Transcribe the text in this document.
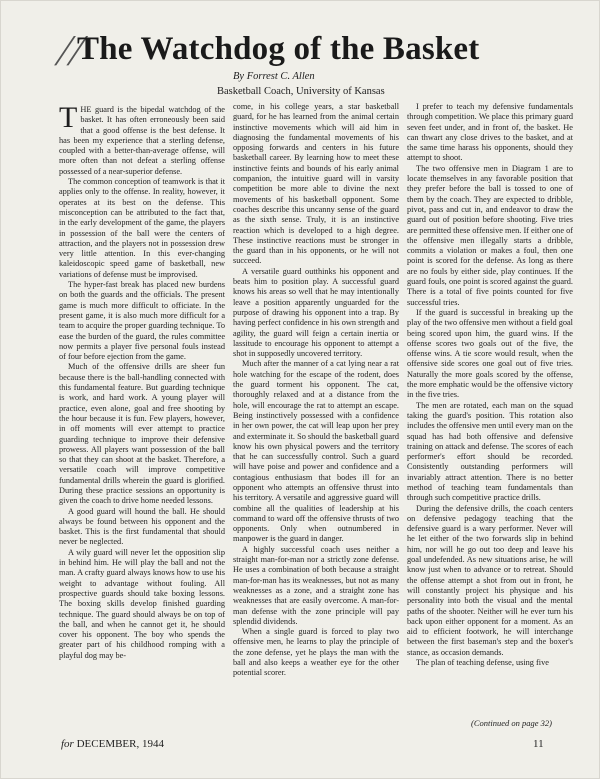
//
The Watchdog of the Basket
By Forrest C. Allen
Basketball Coach, University of Kansas

THE guard is the bipedal watchdog of the basket. It has often erroneously been said that a good offense is the best defense. It has been my experience that a sterling defense, coupled with a better-than-average offense, will more often than not defeat a sterling offense possessed of a near-superior defense.

The common conception of teamwork is that it applies only to the offense. In reality, however, it operates at its best on the defense. This misconception can be attributed to the fact that, in the early development of the game, the players in possession of the ball were the centers of attraction, and the players not in possession drew very little attention. In this ever-changing kaleidoscopic speed game of basketball, new variations of defense must be improvised.

The hyper-fast break has placed new burdens on both the guards and the officials. The present game is much more difficult to officiate. In the present game, it is also much more difficult for a team to acquire the proper guarding technique. To ease the burden of the guard, the rules committee now permits a player five personal fouls instead of four before ejection from the game.

Much of the offensive drills are sheer fun because there is the ball-handling connected with this fundamental feature. But guarding technique is work, and hard work. A young player will practice, even alone, goal and free shooting by the hour because it is fun. Few players, however, in off moments will ever attempt to practice guarding technique to improve their defensive prowess. All players want possession of the ball so that they can shoot at the basket. Therefore, a versatile coach will improve competitive fundamental drills wherein the guard is glorified. During these practice sessions an opportunity is given the coach to drive home needed lessons.

A good guard will hound the ball. He should always be found between his opponent and the basket. This is the first fundamental that should never be neglected.

A wily guard will never let the opposition slip in behind him. He will play the ball and not the man. A crafty guard always knows how to use his weight to advantage without fouling. All prospective guards should take boxing lessons. The boxing skills develop finished guarding technique. The guard should always be on top of the ball, and when he cannot get it, he should cover his opponent. The boy who spends the greater part of his childhood romping with a playful dog may be-

come, in his college years, a star basketball guard, for he has learned from the animal certain instinctive movements which will aid him in diagnosing the fundamental movements of his opposing forwards and centers in his future basketball career. By learning how to meet these instinctive feints and bounds of his early animal companion, the intuitive guard will in varsity competition be more able to divine the next movements of his basketball opponent. Some coaches describe this uncanny sense of the guard as the sixth sense. Truly, it is an instinctive reaction which is developed to a high degree. These instinctive reactions must be stronger in the guard than in his opponents, or he will not succeed.

A versatile guard outthinks his opponent and beats him to position play. A successful guard knows his areas so well that he may intentionally leave a position apparently unguarded for the purpose of drawing his opponent into a trap. By having perfect confidence in his own strength and agility, the guard will feign a certain inertia or lassitude to encourage his opponent to attempt a shot in supposedly uncovered territory.

Much after the manner of a cat lying near a rat hole watching for the escape of the rodent, does the guard torment his opponent. The cat, thoroughly relaxed and at a distance from the hole, will encourage the rat to attempt an escape. Being instinctively possessed with a confidence in her own power, the cat will leap upon her prey and exterminate it. So should the basketball guard know his own physical powers and the territory that he can successfully control. Such a guard will have poise and power and confidence and a contagious enthusiasm that bodes ill for an opponent who attempts an offensive thrust into his territory. A versatile and aggressive guard will combine all the qualities of leadership at his command to ward off the offensive thrusts of two opponents. Only when outnumbered in manpower is the guard in danger.

A highly successful coach uses neither a straight man-for-man nor a strictly zone defense. He uses a combination of both because a straight man-for-man has its weaknesses, but not as many weaknesses as a zone, and a straight zone has weaknesses that are easily overcome. A man-for-man defense with the zone principle will pay splendid dividends.

When a single guard is forced to play two offensive men, he learns to play the principle of the zone defense, yet he plays the man with the ball and also keeps a weather eye for the other potential scorer.

I prefer to teach my defensive fundamentals through competition. We place this primary guard seven feet under, and in front of, the basket. He can thwart any close drives to the basket, and at the same time harass his opponents, should they attempt to shoot.

The two offensive men in Diagram 1 are to locate themselves in any favorable position that they prefer before the ball is tossed to one of them by the coach. They are expected to dribble, pivot, pass and cut in, and endeavor to draw the guard out of position before shooting. Five tries are permitted these offensive men. If either one of the offensive men illegally starts a dribble, commits a violation or makes a foul, then one point is scored for the defense. As long as there are no fouls by either side, play continues. If the guard fouls, one point is scored against the guard. There is a total of five points counted for five successful tries.

If the guard is successful in breaking up the play of the two offensive men without a field goal being scored upon him, the guard wins. If the offense scores two goals out of the five, the offense wins. A tie score would result, when the offensive side scores one goal out of five tries. Naturally the more goals scored by the offense, the more emphatic would be the offensive victory in the five tries.

The men are rotated, each man on the squad taking the guard's position. This rotation also includes the offensive men until every man on the squad has had both offensive and defensive training on attack and defense. The scores of each performer's effort should be recorded. Consistently outstanding performers will invariably attract attention. There is no better method of teaching team fundamentals than through such competitive practice drills.

During the defensive drills, the coach centers on defensive pedagogy teaching that the defensive guard is a wary performer. Never will he let either of the two forwards slip in behind him, nor will he go out too deep and leave his goal undefended. As new situations arise, he will know just when to advance or to retreat. Should the offense attempt a shot from out in front, he will constantly project his physique and his personality into both the visual and the mental paths of the shooter. Neither will he ever turn his back upon either opponent for a moment. As an aid to efficient footwork, he will interchange between the first baseman's step and the boxer's stance, as occasion demands.

The plan of teaching defense, using five

(Continued on page 32)
for DECEMBER, 1944	11
